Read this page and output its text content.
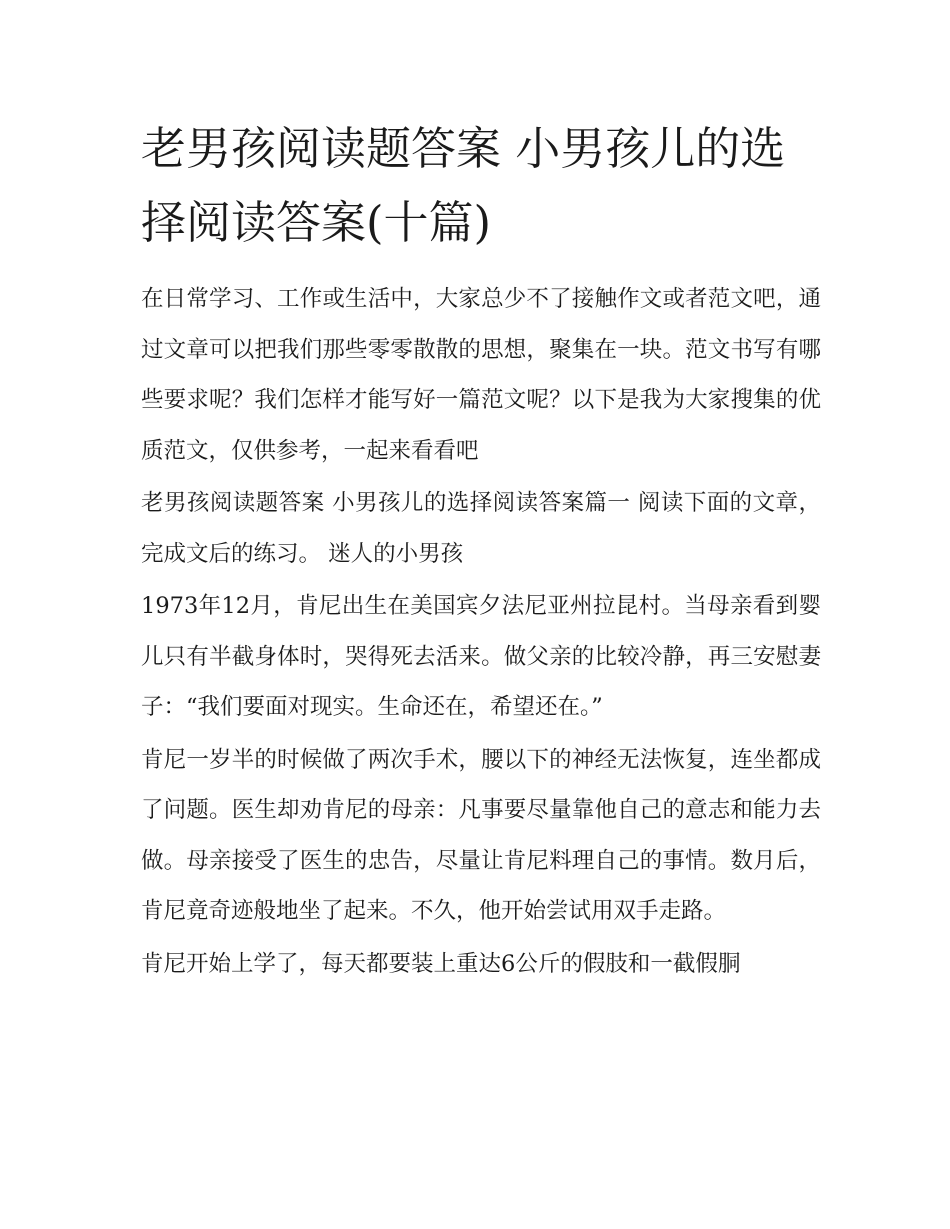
老男孩阅读题答案 小男孩儿的选择阅读答案(十篇)

在日常学习、工作或生活中，大家总少不了接触作文或者范文吧，通过文章可以把我们那些零零散散的思想，聚集在一块。范文书写有哪些要求呢？我们怎样才能写好一篇范文呢？以下是我为大家搜集的优质范文，仅供参考，一起来看看吧

老男孩阅读题答案 小男孩儿的选择阅读答案篇一 阅读下面的文章，完成文后的练习。 迷人的小男孩

1973年12月，肯尼出生在美国宾夕法尼亚州拉昆村。当母亲看到婴儿只有半截身体时，哭得死去活来。做父亲的比较冷静，再三安慰妻子：“我们要面对现实。生命还在，希望还在。”

肯尼一岁半的时候做了两次手术，腰以下的神经无法恢复，连坐都成了问题。医生却劝肯尼的母亲：凡事要尽量靠他自己的意志和能力去做。母亲接受了医生的忠告，尽量让肯尼料理自己的事情。数月后，肯尼竟奇迹般地坐了起来。不久，他开始尝试用双手走路。

肯尼开始上学了，每天都要装上重达6公斤的假肢和一截假胴
